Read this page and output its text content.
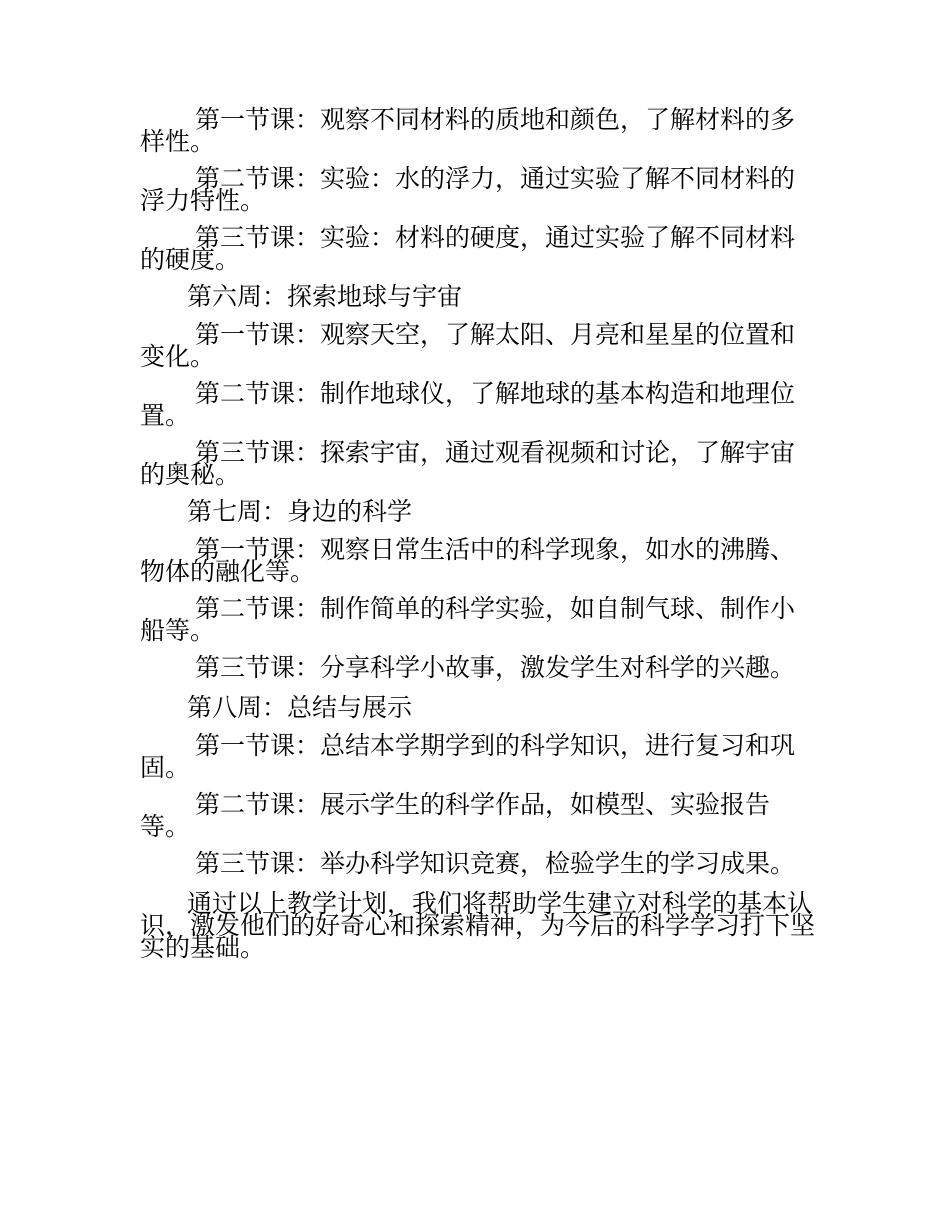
第一节课：观察不同材料的质地和颜色，了解材料的多
样性。
第二节课：实验：水的浮力，通过实验了解不同材料的
浮力特性。
第三节课：实验：材料的硬度，通过实验了解不同材料
的硬度。
第六周：探索地球与宇宙
第一节课：观察天空，了解太阳、月亮和星星的位置和
变化。
第二节课：制作地球仪，了解地球的基本构造和地理位
置。
第三节课：探索宇宙，通过观看视频和讨论，了解宇宙
的奥秘。
第七周：身边的科学
第一节课：观察日常生活中的科学现象，如水的沸腾、
物体的融化等。
第二节课：制作简单的科学实验，如自制气球、制作小
船等。
第三节课：分享科学小故事，激发学生对科学的兴趣。
第八周：总结与展示
第一节课：总结本学期学到的科学知识，进行复习和巩
固。
第二节课：展示学生的科学作品，如模型、实验报告
等。
第三节课：举办科学知识竞赛，检验学生的学习成果。
通过以上教学计划，我们将帮助学生建立对科学的基本认
识，激发他们的好奇心和探索精神，为今后的科学学习打下坚
实的基础。
